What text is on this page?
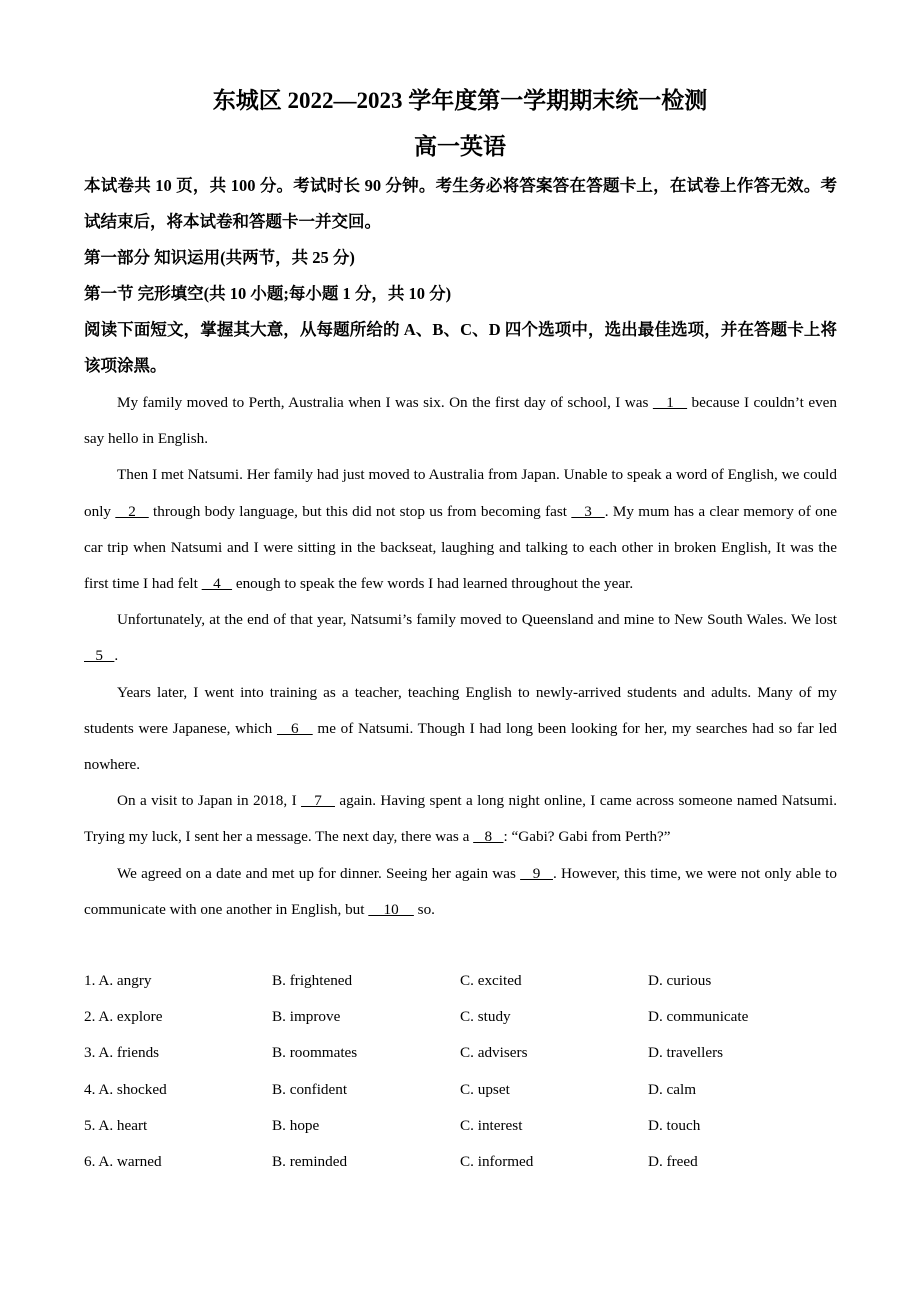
东城区 2022—2023 学年度第一学期期末统一检测
高一英语
本试卷共 10 页，共 100 分。考试时长 90 分钟。考生务必将答案答在答题卡上，在试卷上作答无效。考试结束后，将本试卷和答题卡一并交回。
第一部分 知识运用(共两节，共 25 分)
第一节 完形填空(共 10 小题;每小题 1 分，共 10 分)
阅读下面短文，掌握其大意，从每题所给的 A、B、C、D 四个选项中，选出最佳选项，并在答题卡上将该项涂黑。

My family moved to Perth, Australia when I was six. On the first day of school, I was    1    because I couldn’t even say hello in English.

Then I met Natsumi. Her family had just moved to Australia from Japan. Unable to speak a word of English, we could only    2    through body language, but this did not stop us from becoming fast    3   . My mum has a clear memory of one car trip when Natsumi and I were sitting in the backseat, laughing and talking to each other in broken English, It was the first time I had felt    4    enough to speak the few words I had learned throughout the year.

Unfortunately, at the end of that year, Natsumi’s family moved to Queensland and mine to New South Wales. We lost    5   .

Years later, I went into training as a teacher, teaching English to newly-arrived students and adults. Many of my students were Japanese, which    6    me of Natsumi. Though I had long been looking for her, my searches had so far led nowhere.

On a visit to Japan in 2018, I    7    again. Having spent a long night online, I came across someone named Natsumi. Trying my luck, I sent her a message. The next day, there was a    8   : “Gabi? Gabi from Perth?”

We agreed on a date and met up for dinner. Seeing her again was    9   . However, this time, we were not only able to communicate with one another in English, but     10     so.

1. A. angry	B. frightened	C. excited	D. curious
2. A. explore	B. improve	C. study	D. communicate
3. A. friends	B. roommates	C. advisers	D. travellers
4. A. shocked	B. confident	C. upset	D. calm
5. A. heart	B. hope	C. interest	D. touch
6. A. warned	B. reminded	C. informed	D. freed
